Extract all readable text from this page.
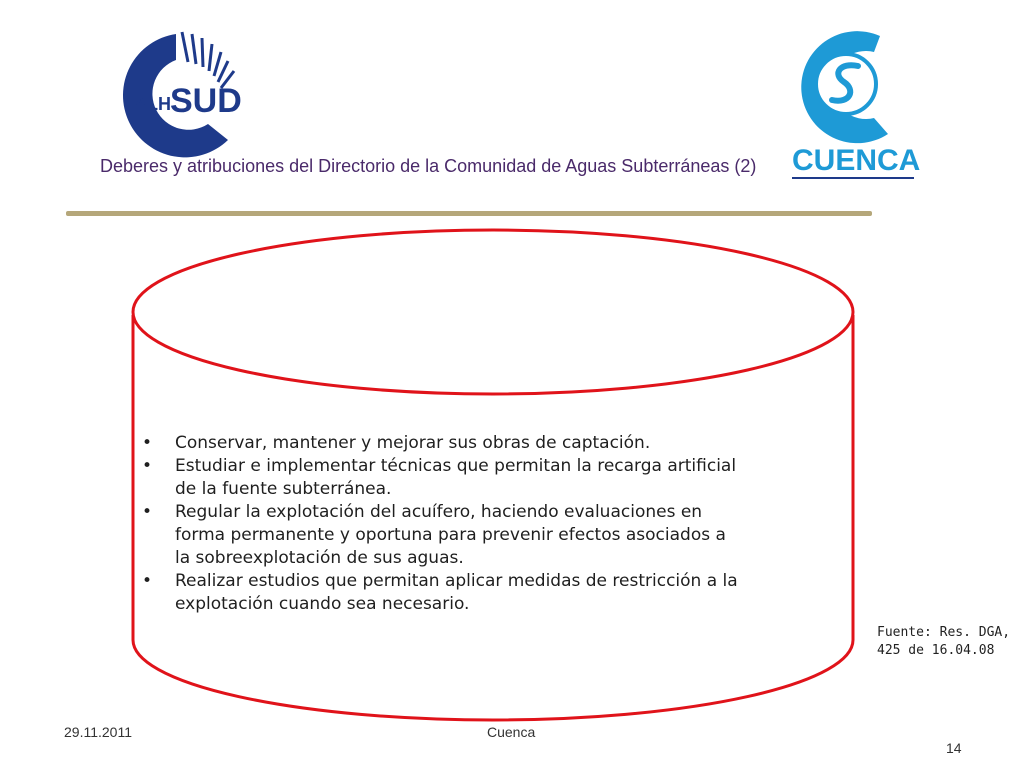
ALH SUD
CUENCA
Deberes y atribuciones del Directorio de la Comunidad de Aguas Subterráneas (2)
• Conservar, mantener y mejorar sus obras de captación.
• Estudiar e implementar técnicas que permitan la recarga artificial
de la fuente subterránea.
• Regular la explotación del acuífero, haciendo evaluaciones en
forma permanente y oportuna para prevenir efectos asociados a
la sobreexplotación de sus aguas.
• Realizar estudios que permitan aplicar medidas de restricción a la
explotación cuando sea necesario.
Fuente: Res. DGA,
425 de 16.04.08
29.11.2011	Cuenca
14
